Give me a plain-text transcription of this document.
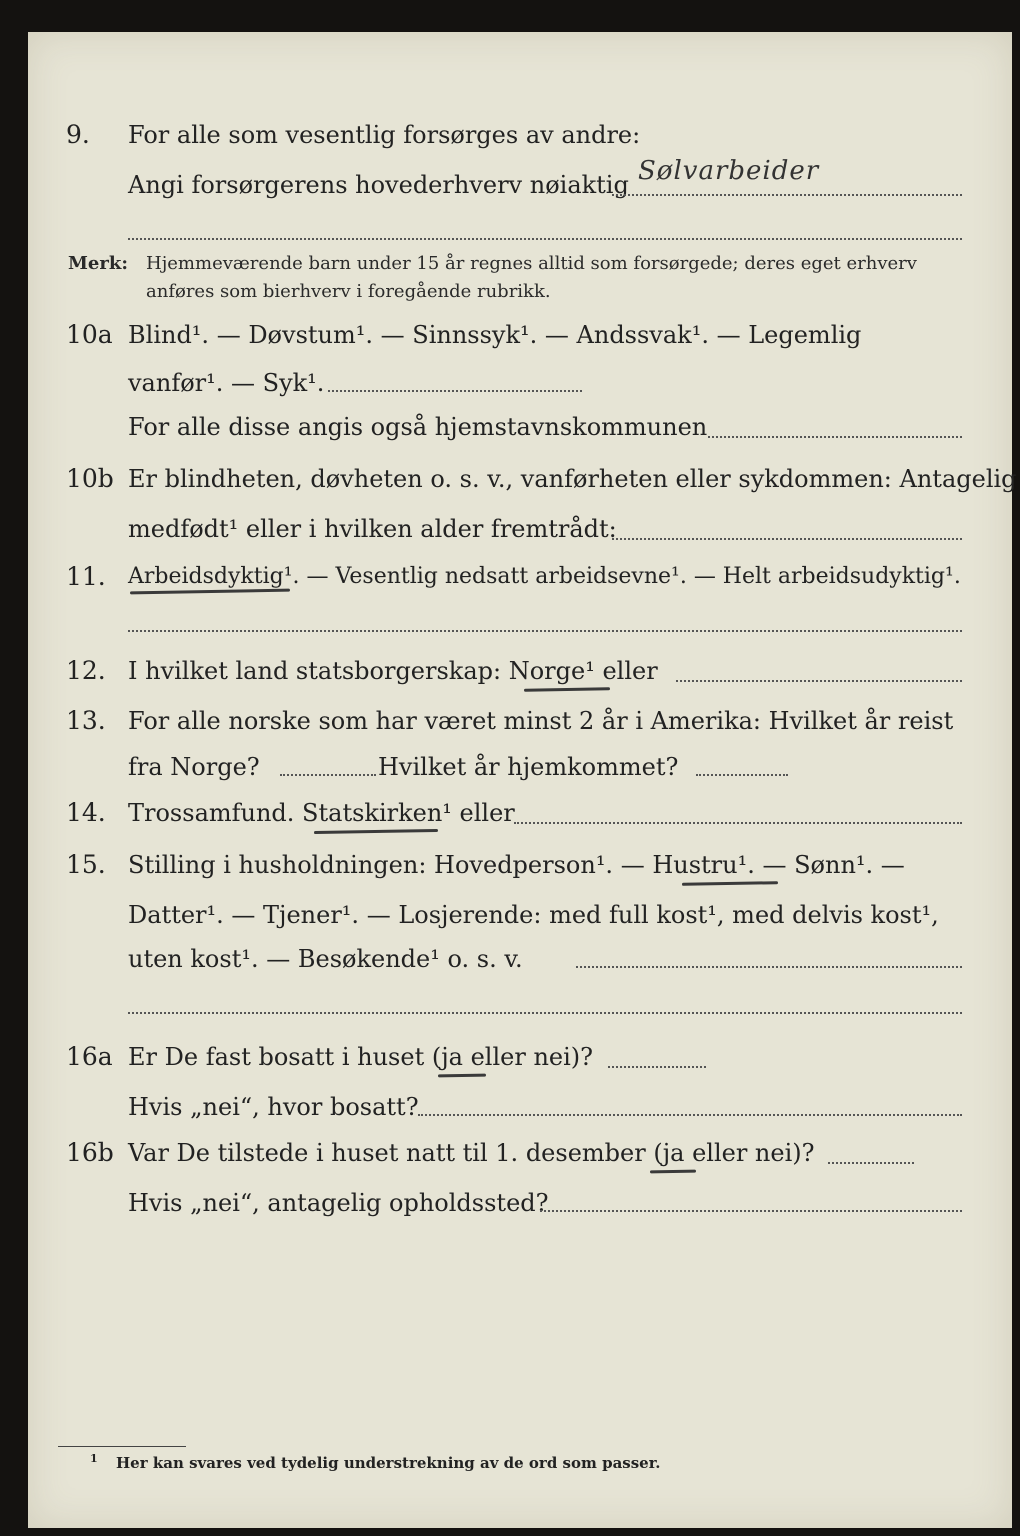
9. For alle som vesentlig forsørges av andre:
Angi forsørgerens hovederhverv nøiaktig Sølvarbeider
Merk: Hjemmeværende barn under 15 år regnes alltid som forsørgede; deres eget erhverv
anføres som bierhverv i foregående rubrikk.
10a Blind¹. — Døvstum¹. — Sinnssyk¹. — Andssvak¹. — Legemlig
vanfør¹. — Syk¹.
For alle disse angis også hjemstavnskommunen
10b Er blindheten, døvheten o. s. v., vanførheten eller sykdommen: Antagelig
medfødt¹ eller i hvilken alder fremtrådt:
11. Arbeidsdyktig¹. — Vesentlig nedsatt arbeidsevne¹. — Helt arbeidsudyktig¹.
12. I hvilket land statsborgerskap: Norge¹ eller
13. For alle norske som har været minst 2 år i Amerika: Hvilket år reist
fra Norge?	Hvilket år hjemkommet?
14. Trossamfund. Statskirken¹ eller
15. Stilling i husholdningen: Hovedperson¹. — Hustru¹. — Sønn¹. —
Datter¹. — Tjener¹. — Losjerende: med full kost¹, med delvis kost¹,
uten kost¹. — Besøkende¹ o. s. v.
16a Er De fast bosatt i huset (ja eller nei)?
Hvis „nei“, hvor bosatt?
16b Var De tilstede i huset natt til 1. desember (ja eller nei)?
Hvis „nei“, antagelig opholdssted?
1 Her kan svares ved tydelig understrekning av de ord som passer.
